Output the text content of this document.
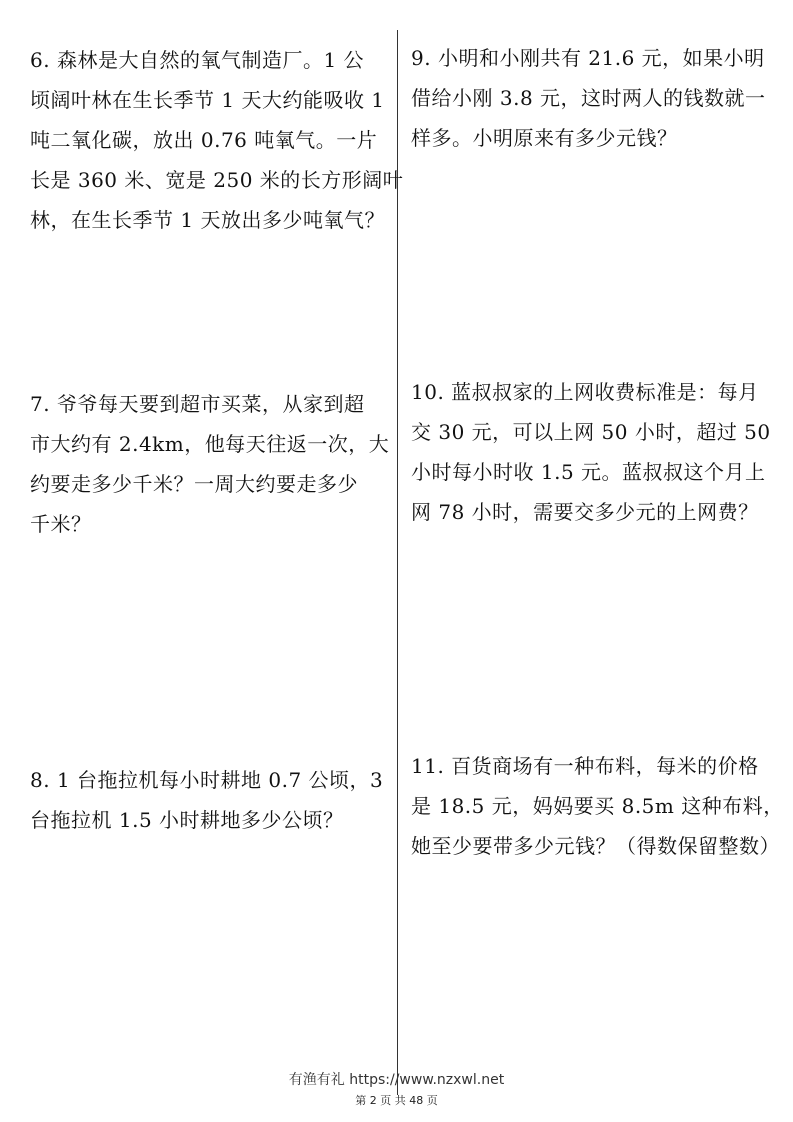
6. 森林是大自然的氧气制造厂。1 公
顷阔叶林在生长季节 1 天大约能吸收 1
吨二氧化碳，放出 0.76 吨氧气。一片
长是 360 米、宽是 250 米的长方形阔叶
林，在生长季节 1 天放出多少吨氧气？
7. 爷爷每天要到超市买菜，从家到超
市大约有 2.4km，他每天往返一次，大
约要走多少千米？一周大约要走多少
千米？
8. 1 台拖拉机每小时耕地 0.7 公顷，3
台拖拉机 1.5 小时耕地多少公顷？
9. 小明和小刚共有 21.6 元，如果小明
借给小刚 3.8 元，这时两人的钱数就一
样多。小明原来有多少元钱？
10. 蓝叔叔家的上网收费标准是：每月
交 30 元，可以上网 50 小时，超过 50
小时每小时收 1.5 元。蓝叔叔这个月上
网 78 小时，需要交多少元的上网费？
11. 百货商场有一种布料，每米的价格
是 18.5 元，妈妈要买 8.5m 这种布料，
她至少要带多少元钱？（得数保留整数）
有渔有礼 https://www.nzxwl.net
第 2 页 共 48 页
